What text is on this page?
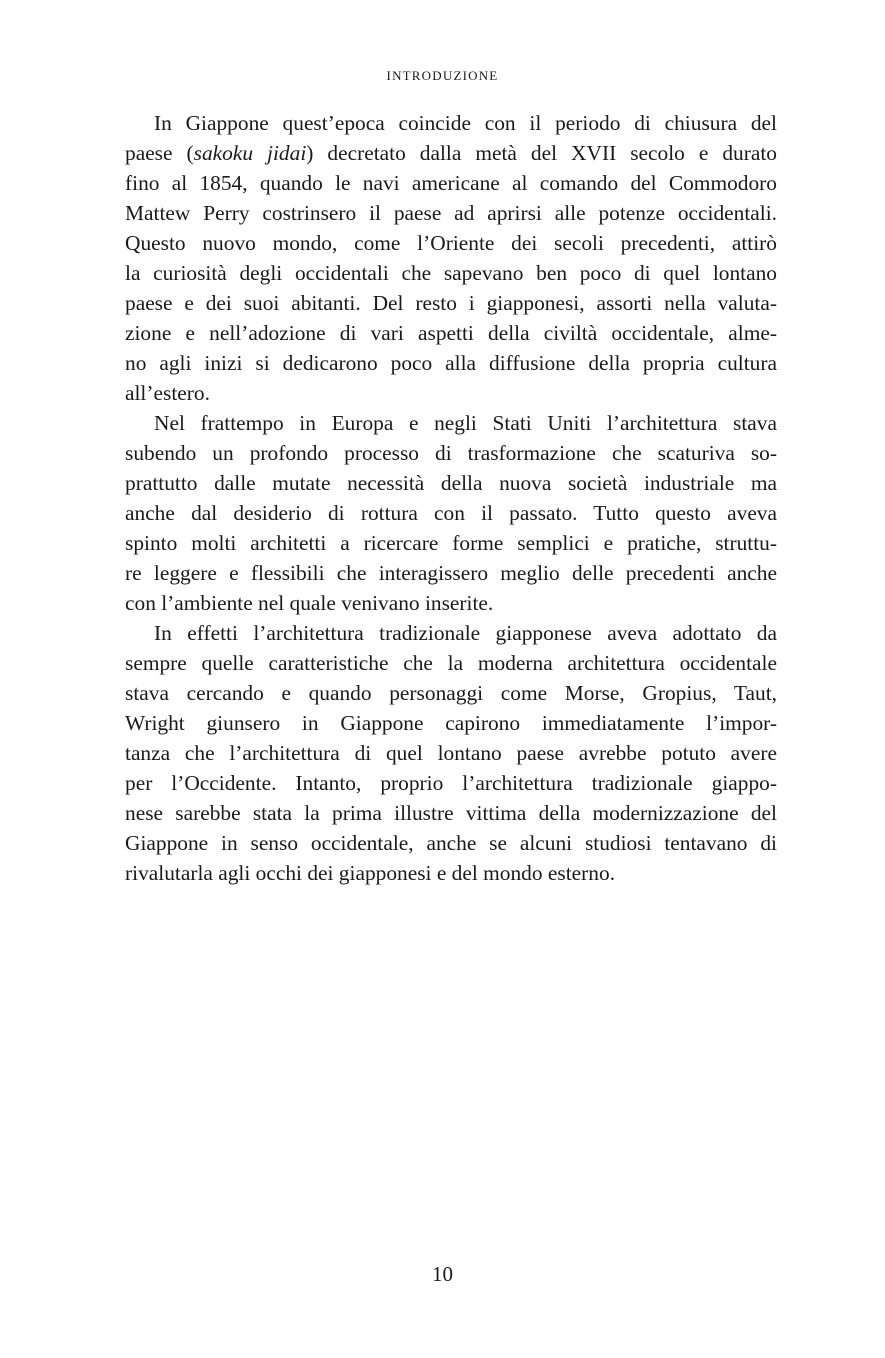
INTRODUZIONE
In Giappone quest’epoca coincide con il periodo di chiusura del
paese (sakoku jidai) decretato dalla metà del XVII secolo e durato
fino al 1854, quando le navi americane al comando del Commodoro
Mattew Perry costrinsero il paese ad aprirsi alle potenze occidentali.
Questo nuovo mondo, come l’Oriente dei secoli precedenti, attirò
la curiosità degli occidentali che sapevano ben poco di quel lontano
paese e dei suoi abitanti. Del resto i giapponesi, assorti nella valuta-
zione e nell’adozione di vari aspetti della civiltà occidentale, almе-
no agli inizi si dedicarono poco alla diffusione della propria cultura
all’estero.
Nel frattempo in Europa e negli Stati Uniti l’architettura stava
subendo un profondo processo di trasformazione che scaturiva so-
prattutto dalle mutate necessità della nuova società industriale ma
anche dal desiderio di rottura con il passato. Tutto questo aveva
spinto molti architetti a ricercare forme semplici e pratiche, struttu-
re leggere e flessibili che interagissero meglio delle precedenti anche
con l’ambiente nel quale venivano inserite.
In effetti l’architettura tradizionale giapponese aveva adottato da
sempre quelle caratteristiche che la moderna architettura occidentale
stava cercando e quando personaggi come Morse, Gropius, Taut,
Wright giunsero in Giappone capirono immediatamente l’impor-
tanza che l’architettura di quel lontano paese avrebbe potuto avere
per l’Occidente. Intanto, proprio l’architettura tradizionale giappo-
nese sarebbe stata la prima illustre vittima della modernizzazione del
Giappone in senso occidentale, anche se alcuni studiosi tentavano di
rivalutarla agli occhi dei giapponesi e del mondo esterno.
10
